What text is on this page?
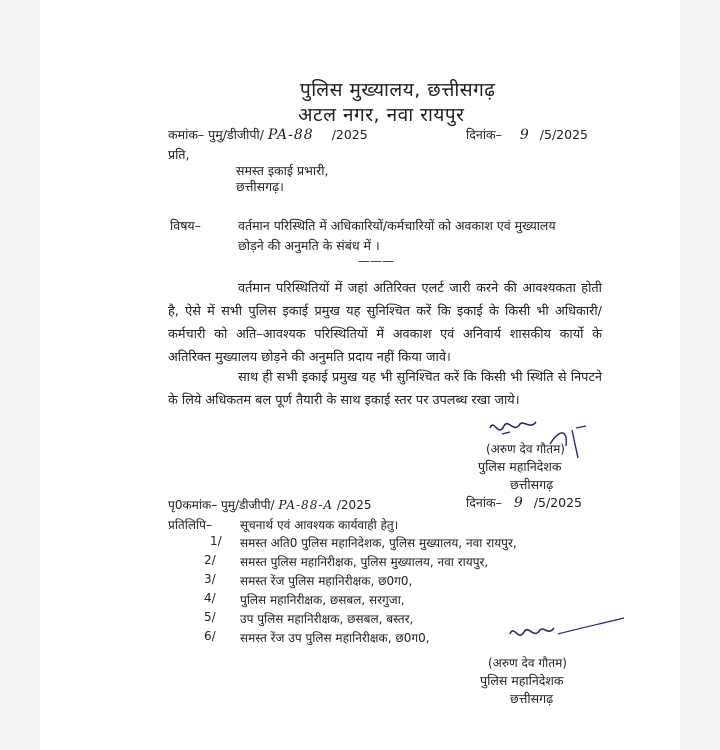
पुलिस मुख्यालय, छत्तीसगढ़
अटल नगर, नवा रायपुर
कमांक– पुमु/डीजीपी/ PA-88 /2025	दिनांक– 9 /5/2025
प्रति,
समस्त इकाई प्रभारी,
छत्तीसगढ़।
विषय–	वर्तमान परिस्थिति में अधिकारियों/कर्मचारियों को अवकाश एवं मुख्यालय
छोड़ने की अनुमति के संबंध में ।
———
वर्तमान परिस्थितियों में जहां अतिरिक्त एलर्ट जारी करने की आवश्यकता होती है, ऐसे में सभी पुलिस इकाई प्रमुख यह सुनिश्चित करें कि इकाई के किसी भी अधिकारी/कर्मचारी को अति–आवश्यक परिस्थितियों में अवकाश एवं अनिवार्य शासकीय कार्यो के अतिरिक्त मुख्यालय छोड़ने की अनुमति प्रदाय नहीं किया जावे।
साथ ही सभी इकाई प्रमुख यह भी सुनिश्चित करें कि किसी भी स्थिति से निपटने के लिये अधिकतम बल पूर्ण तैयारी के साथ इकाई स्तर पर उपलब्ध रखा जाये।
(अरुण देव गौतम)
पुलिस महानिदेशक
छत्तीसगढ़
पृ0कमांक– पुमु/डीजीपी/ PA-88-A /2025	दिनांक– 9 /5/2025
प्रतिलिपि– सूचनार्थ एवं आवश्यक कार्यवाही हेतु।
1/ समस्त अति0 पुलिस महानिदेशक, पुलिस मुख्यालय, नवा रायपुर,
2/ समस्त पुलिस महानिरीक्षक, पुलिस मुख्यालय, नवा रायपुर,
3/ समस्त रेंज पुलिस महानिरीक्षक, छ0ग0,
4/ पुलिस महानिरीक्षक, छसबल, सरगुजा,
5/ उप पुलिस महानिरीक्षक, छसबल, बस्तर,
6/ समस्त रेंज उप पुलिस महानिरीक्षक, छ0ग0,
(अरुण देव गौतम)
पुलिस महानिदेशक
छत्तीसगढ़
